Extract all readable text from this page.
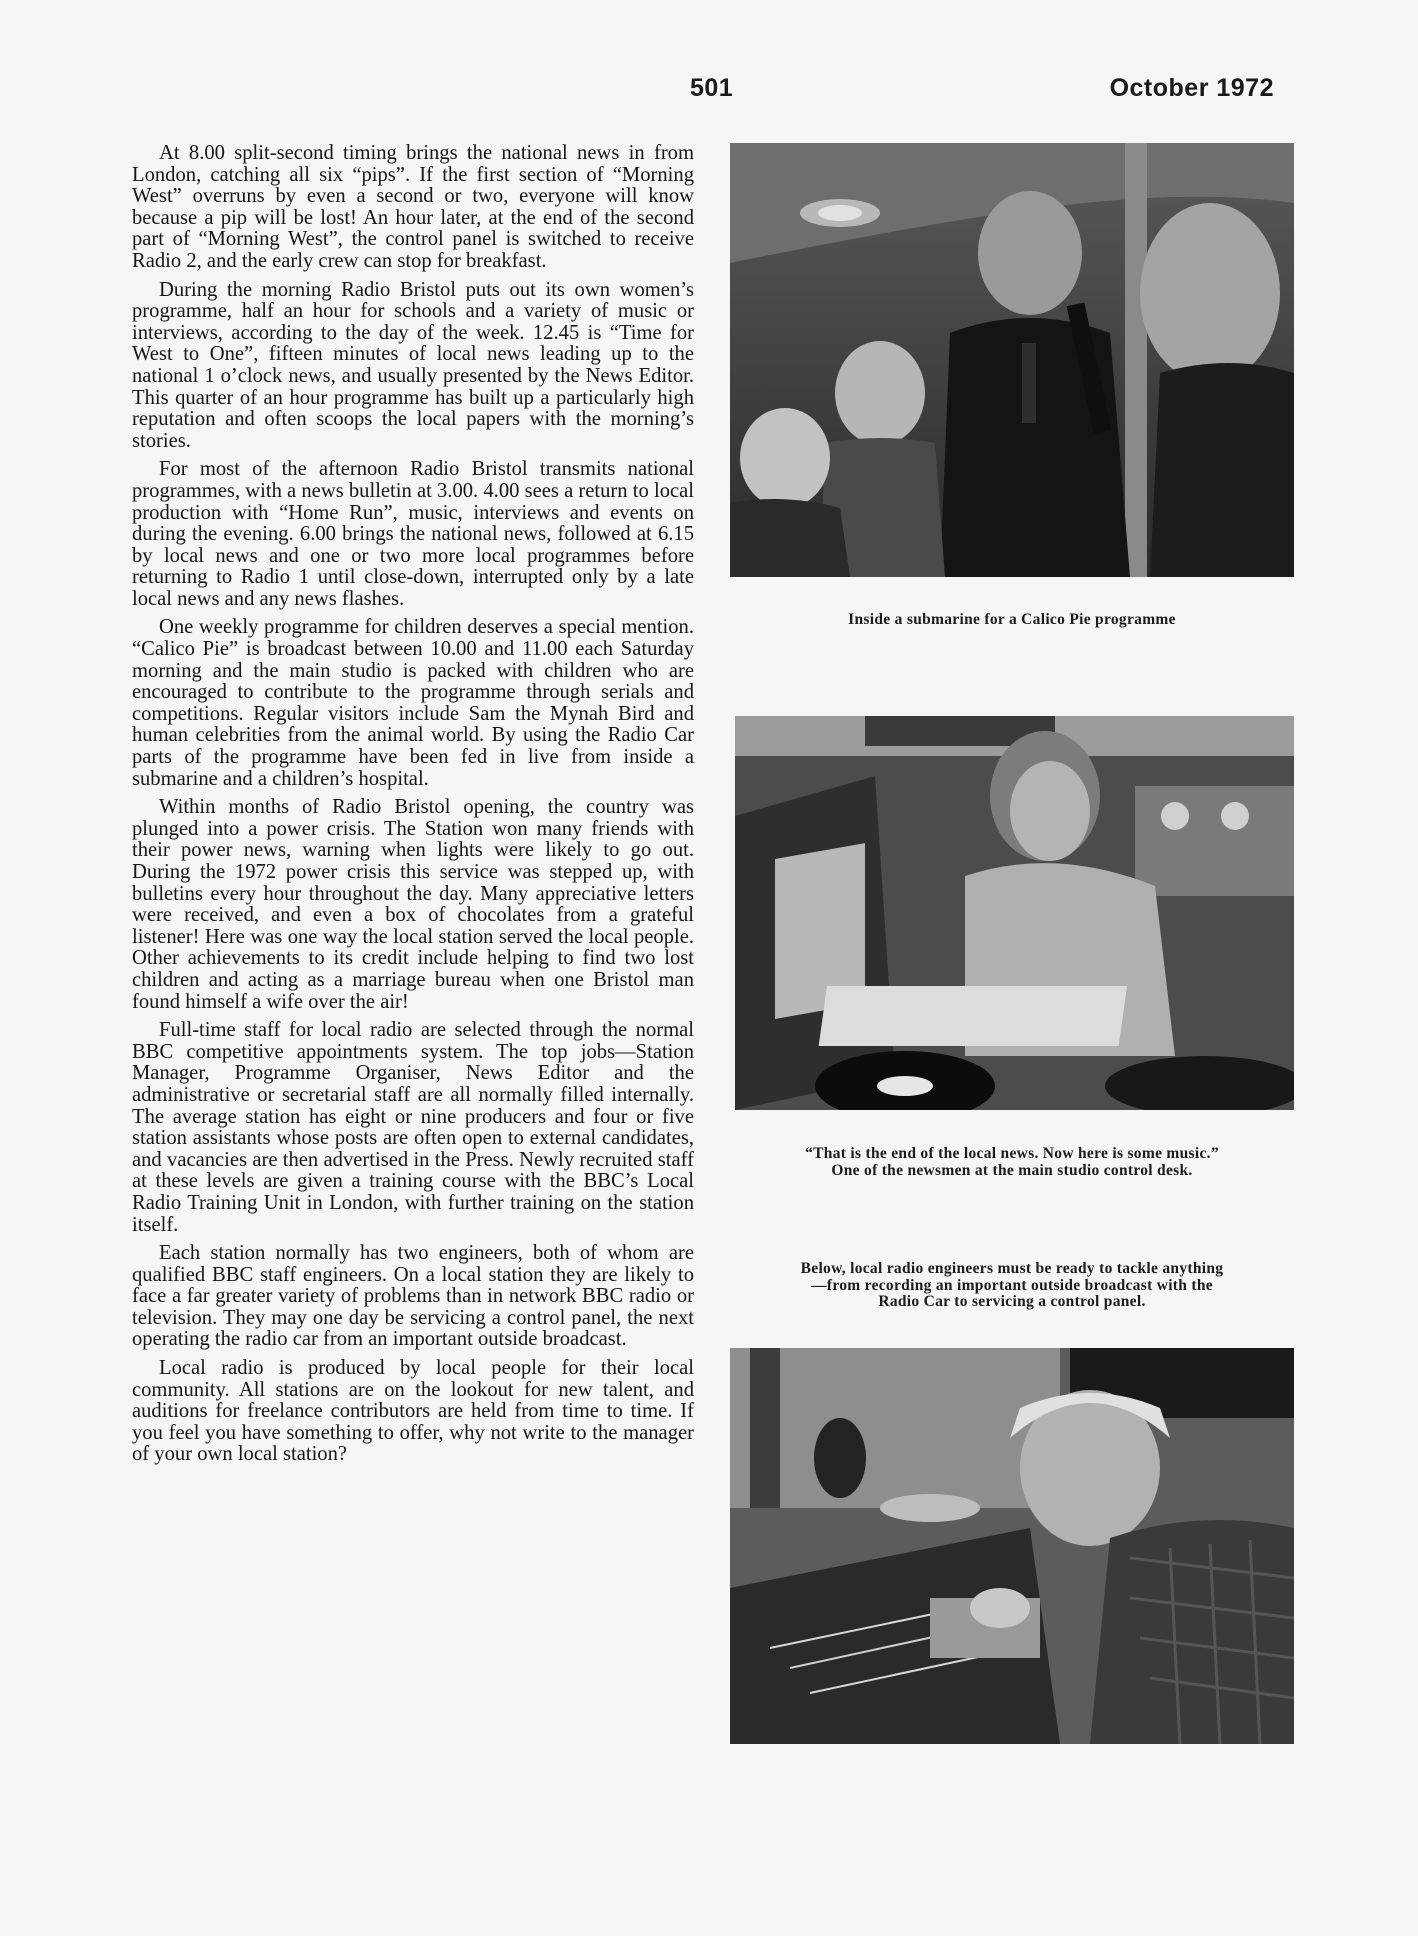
501	October 1972

At 8.00 split-second timing brings the national news in from London, catching all six “pips”. If the first section of “Morning West” overruns by even a second or two, everyone will know because a pip will be lost! An hour later, at the end of the second part of “Morning West”, the control panel is switched to receive Radio 2, and the early crew can stop for breakfast.

During the morning Radio Bristol puts out its own women’s programme, half an hour for schools and a variety of music or interviews, according to the day of the week. 12.45 is “Time for West to One”, fifteen minutes of local news leading up to the national 1 o’clock news, and usually presented by the News Editor. This quarter of an hour programme has built up a particularly high reputation and often scoops the local papers with the morning’s stories.

For most of the afternoon Radio Bristol transmits national programmes, with a news bulletin at 3.00. 4.00 sees a return to local production with “Home Run”, music, interviews and events on during the evening. 6.00 brings the national news, followed at 6.15 by local news and one or two more local programmes before returning to Radio 1 until close-down, interrupted only by a late local news and any news flashes.

One weekly programme for children deserves a special mention. “Calico Pie” is broadcast between 10.00 and 11.00 each Saturday morning and the main studio is packed with children who are encouraged to contribute to the programme through serials and competitions. Regular visitors include Sam the Mynah Bird and human celebrities from the animal world. By using the Radio Car parts of the programme have been fed in live from inside a submarine and a children’s hospital.

Within months of Radio Bristol opening, the country was plunged into a power crisis. The Station won many friends with their power news, warning when lights were likely to go out. During the 1972 power crisis this service was stepped up, with bulletins every hour throughout the day. Many appreciative letters were received, and even a box of chocolates from a grateful listener! Here was one way the local station served the local people. Other achievements to its credit include helping to find two lost children and acting as a marriage bureau when one Bristol man found himself a wife over the air!

Full-time staff for local radio are selected through the normal BBC competitive appointments system. The top jobs—Station Manager, Programme Organiser, News Editor and the administrative or secretarial staff are all normally filled internally. The average station has eight or nine producers and four or five station assistants whose posts are often open to external candidates, and vacancies are then advertised in the Press. Newly recruited staff at these levels are given a training course with the BBC’s Local Radio Training Unit in London, with further training on the station itself.

Each station normally has two engineers, both of whom are qualified BBC staff engineers. On a local station they are likely to face a far greater variety of problems than in network BBC radio or television. They may one day be servicing a control panel, the next operating the radio car from an important outside broadcast.

Local radio is produced by local people for their local community. All stations are on the lookout for new talent, and auditions for freelance contributors are held from time to time. If you feel you have something to offer, why not write to the manager of your own local station?

Inside a submarine for a Calico Pie programme
“That is the end of the local news. Now here is some music.”
One of the newsmen at the main studio control desk.
Below, local radio engineers must be ready to tackle anything
—from recording an important outside broadcast with the
Radio Car to servicing a control panel.
